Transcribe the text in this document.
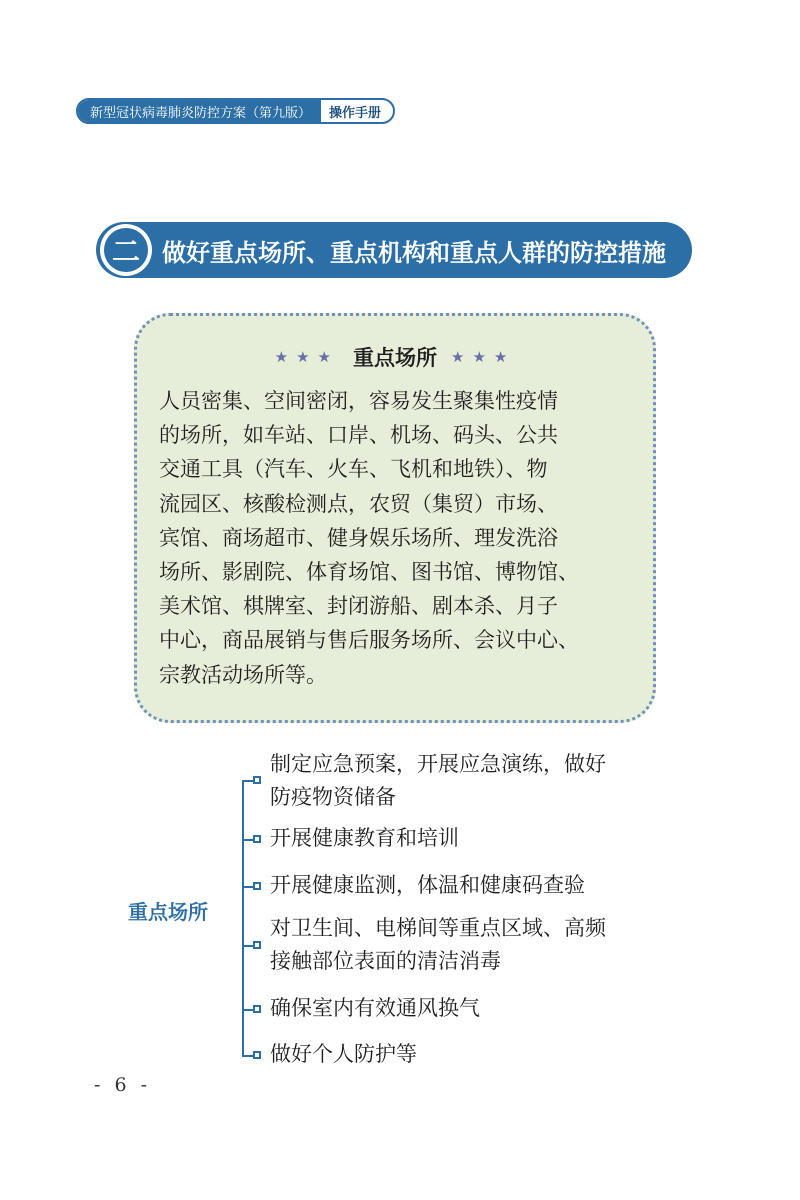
新型冠状病毒肺炎防控方案（第九版）	操作手册
二 做好重点场所、重点机构和重点人群的防控措施
★★★ 重点场所 ★★★
人员密集、空间密闭，容易发生聚集性疫情
的场所，如车站、口岸、机场、码头、公共
交通工具（汽车、火车、飞机和地铁）、物
流园区、核酸检测点，农贸（集贸）市场、
宾馆、商场超市、健身娱乐场所、理发洗浴
场所、影剧院、体育场馆、图书馆、博物馆、
美术馆、棋牌室、封闭游船、剧本杀、月子
中心，商品展销与售后服务场所、会议中心、
宗教活动场所等。
重点场所
制定应急预案，开展应急演练，做好
防疫物资储备
开展健康教育和培训
开展健康监测，体温和健康码查验
对卫生间、电梯间等重点区域、高频
接触部位表面的清洁消毒
确保室内有效通风换气
做好个人防护等
- 6 -
